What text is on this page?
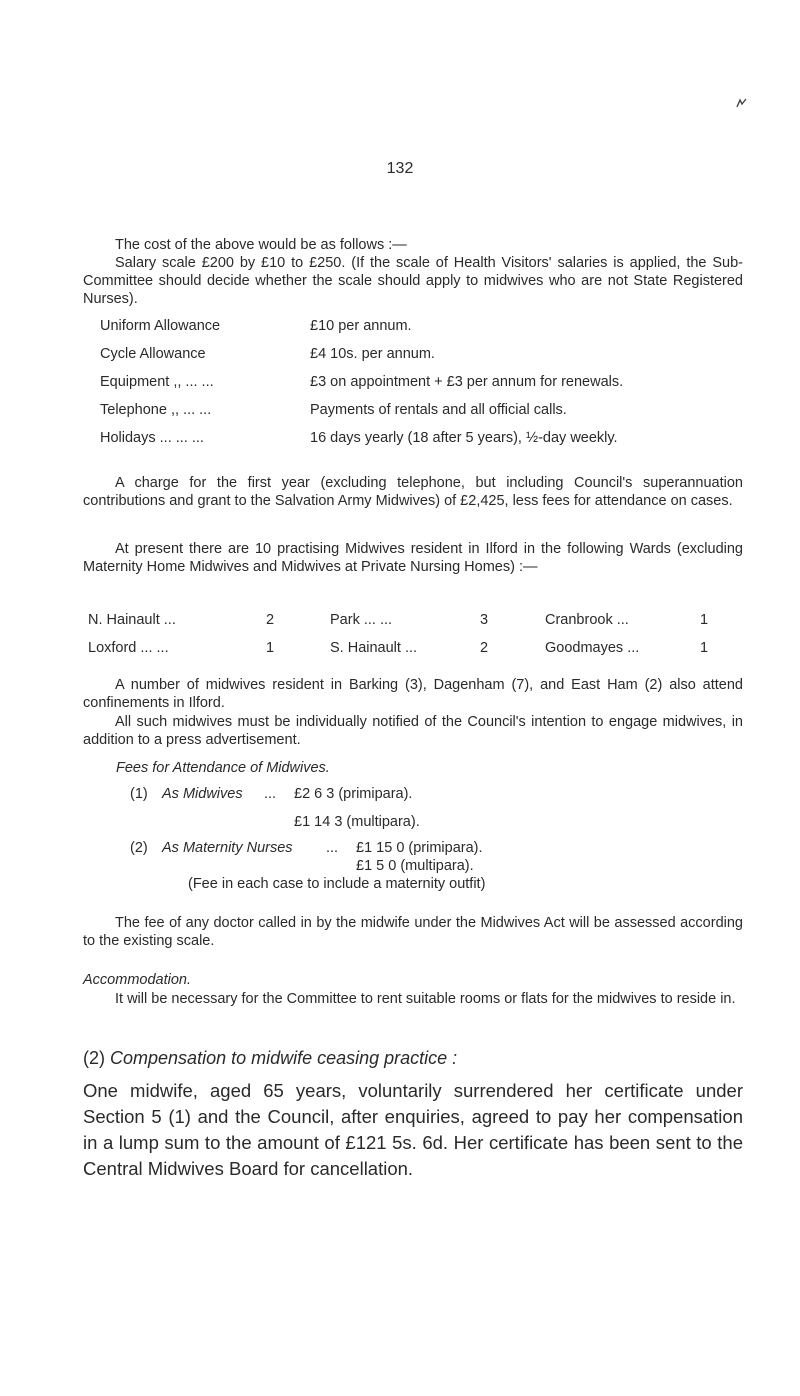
132
The cost of the above would be as follows :—
Salary scale £200 by £10 to £250. (If the scale of Health Visitors' salaries is applied, the Sub-Committee should decide whether the scale should apply to midwives who are not State Registered Nurses).
Uniform Allowance	£10 per annum.
Cycle Allowance	£4 10s. per annum.
Equipment ,, ... ...	£3 on appointment + £3 per annum for renewals.
Telephone ,, ... ...	Payments of rentals and all official calls.
Holidays ... ... ...	16 days yearly (18 after 5 years), ½-day weekly.
A charge for the first year (excluding telephone, but including Council's superannuation contributions and grant to the Salvation Army Midwives) of £2,425, less fees for attendance on cases.
At present there are 10 practising Midwives resident in Ilford in the following Wards (excluding Maternity Home Midwives and Midwives at Private Nursing Homes) :—
N. Hainault ...	2	Park ... ...	3	Cranbrook ...	1
Loxford ... ...	1	S. Hainault ...	2	Goodmayes ...	1
A number of midwives resident in Barking (3), Dagenham (7), and East Ham (2) also attend confinements in Ilford.
All such midwives must be individually notified of the Council's intention to engage midwives, in addition to a press advertisement.
Fees for Attendance of Midwives.
(1) As Midwives ... £2 6 3 (primipara).
£1 14 3 (multipara).
(2) As Maternity Nurses ... £1 15 0 (primipara).
£1 5 0 (multipara).
(Fee in each case to include a maternity outfit)
The fee of any doctor called in by the midwife under the Midwives Act will be assessed according to the existing scale.
Accommodation.
It will be necessary for the Committee to rent suitable rooms or flats for the midwives to reside in.
(2) Compensation to midwife ceasing practice :
One midwife, aged 65 years, voluntarily surrendered her certificate under Section 5 (1) and the Council, after enquiries, agreed to pay her compensation in a lump sum to the amount of £121 5s. 6d. Her certificate has been sent to the Central Midwives Board for cancellation.
